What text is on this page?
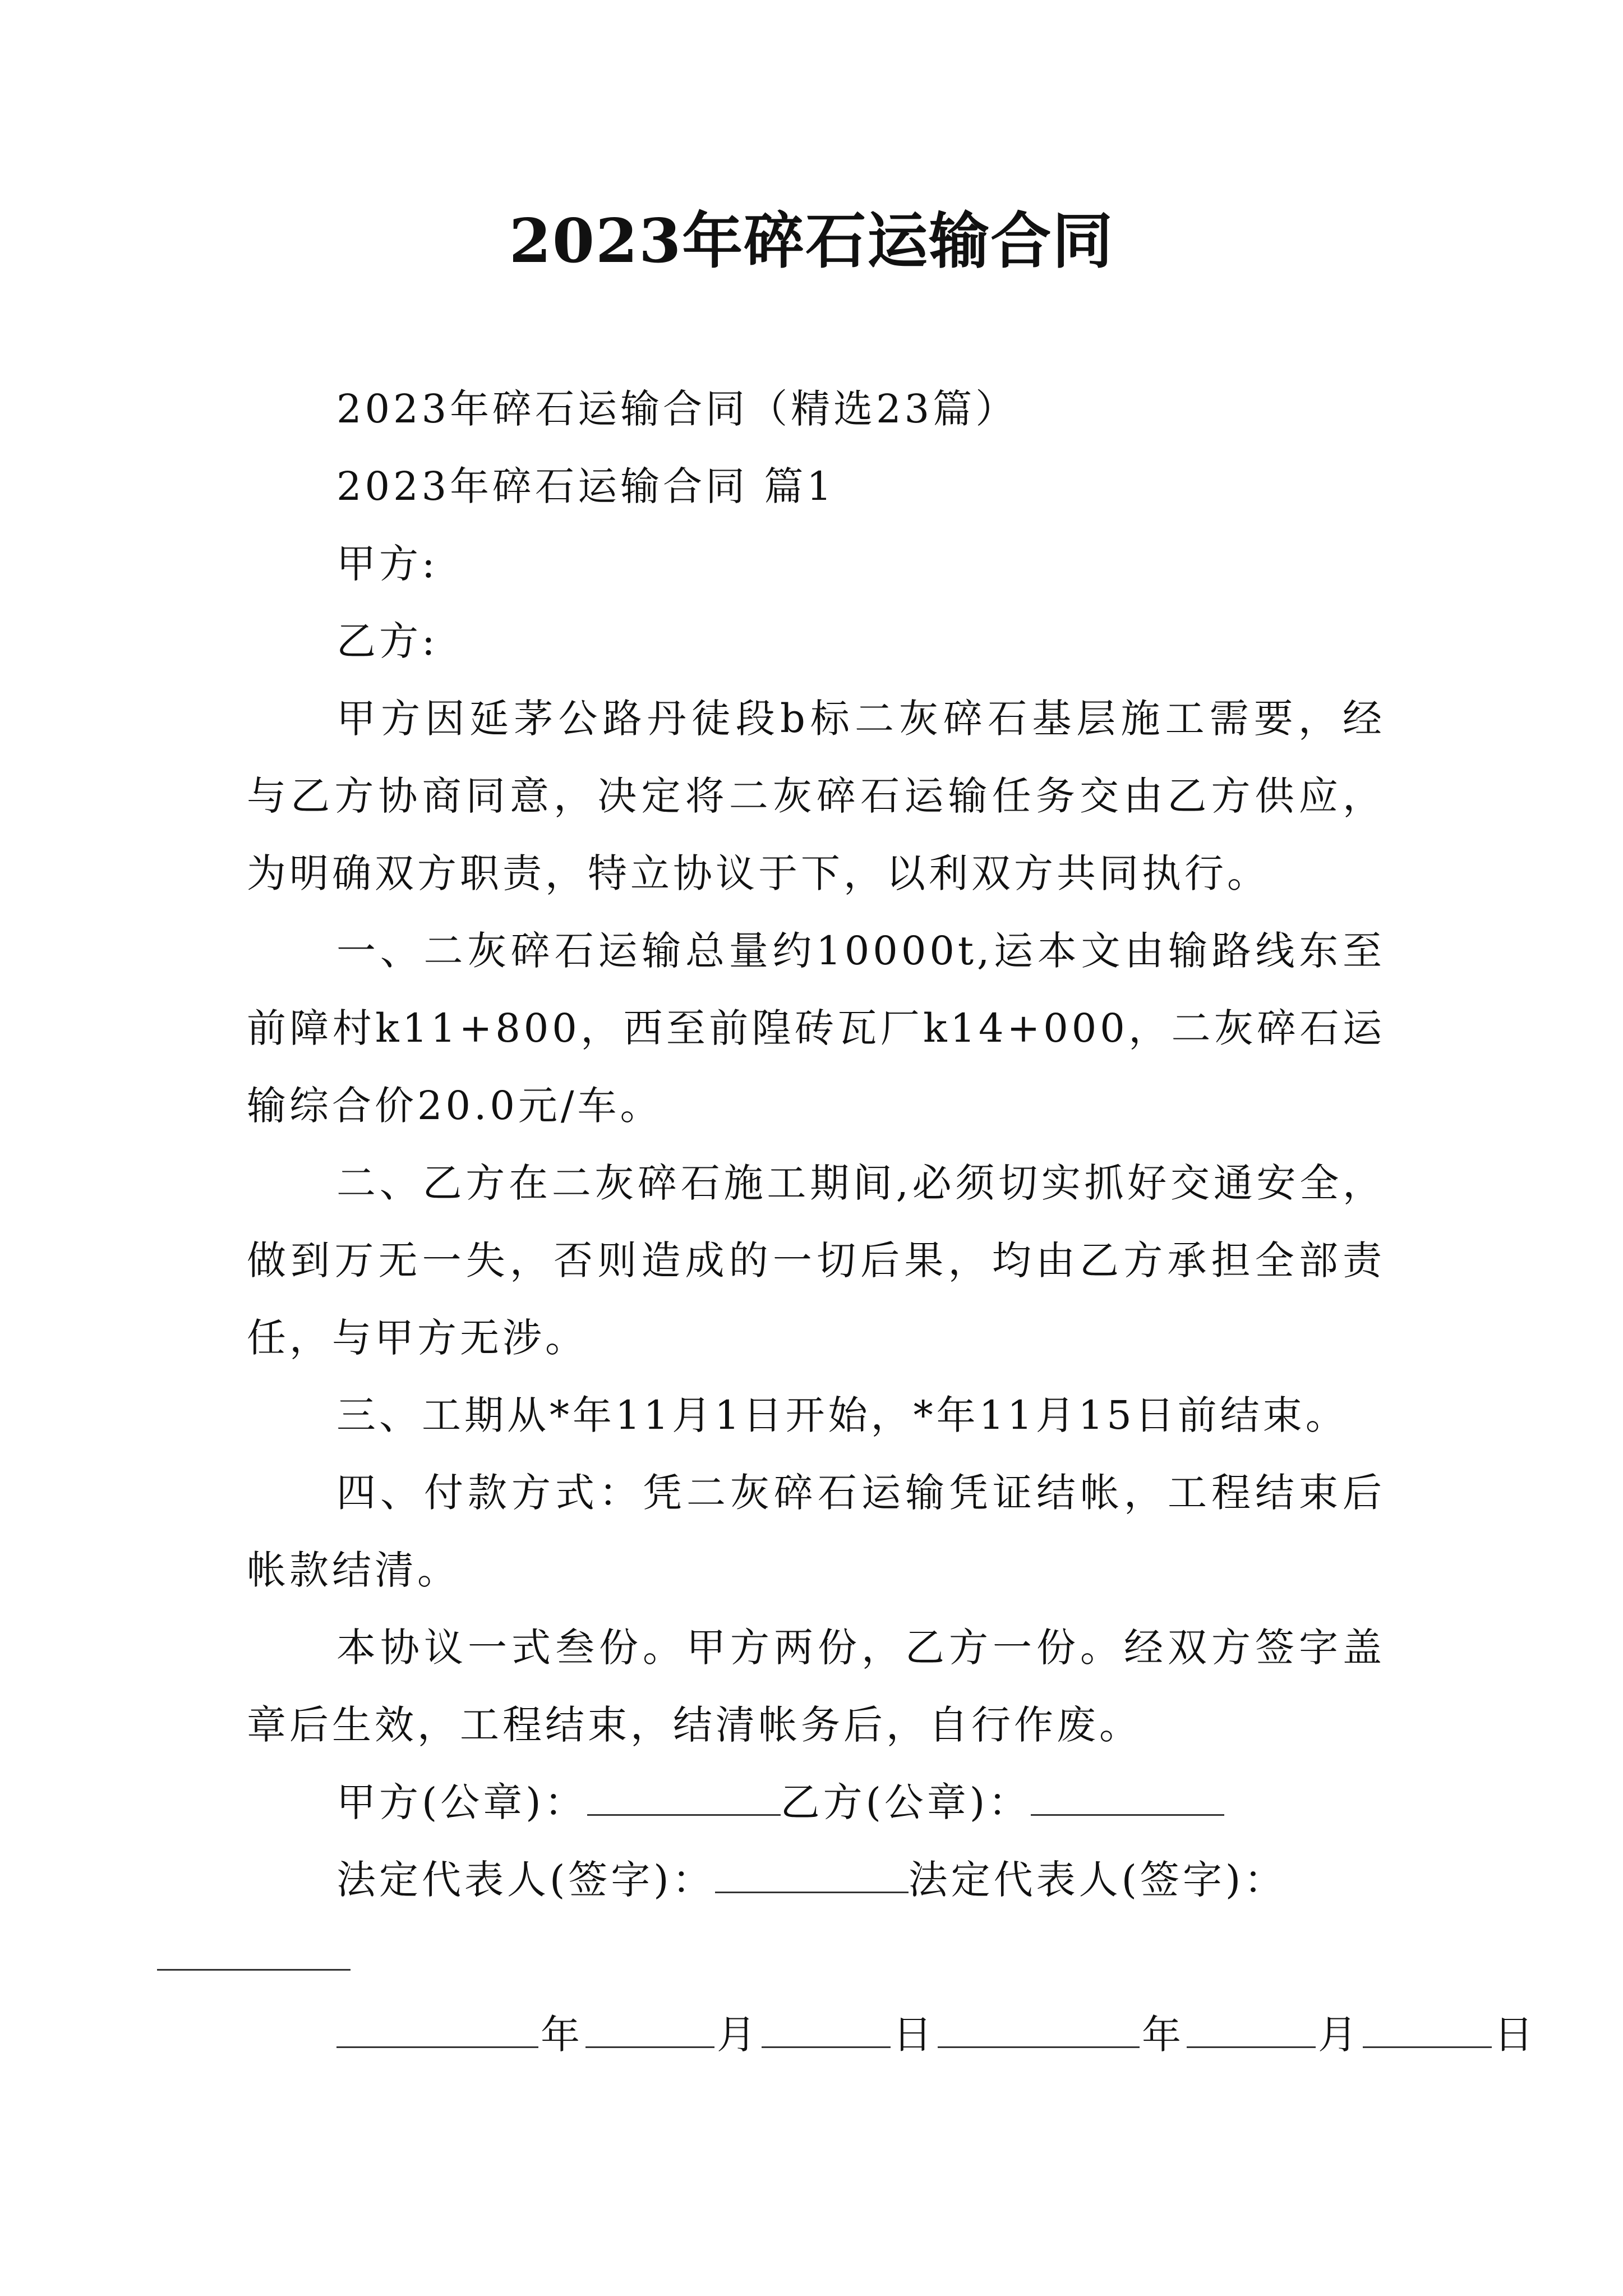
2023年碎石运输合同

2023年碎石运输合同（精选23篇）

2023年碎石运输合同 篇1

甲方:

乙方:

甲方因延茅公路丹徒段b标二灰碎石基层施工需要，经与乙方协商同意，决定将二灰碎石运输任务交由乙方供应，为明确双方职责，特立协议于下，以利双方共同执行。

一、二灰碎石运输总量约10000t,运本文由输路线东至前障村k11+800，西至前隍砖瓦厂k14+000，二灰碎石运输综合价20.0元/车。

二、乙方在二灰碎石施工期间,必须切实抓好交通安全，做到万无一失，否则造成的一切后果，均由乙方承担全部责任，与甲方无涉。

三、工期从*年11月1日开始，*年11月15日前结束。

四、付款方式：凭二灰碎石运输凭证结帐，工程结束后帐款结清。

本协议一式叁份。甲方两份，乙方一份。经双方签字盖章后生效，工程结束，结清帐务后，自行作废。

甲方(公章)：	乙方(公章)：

法定代表人(签字)：	法定代表人(签字)：

年	月	日	年	月	日
